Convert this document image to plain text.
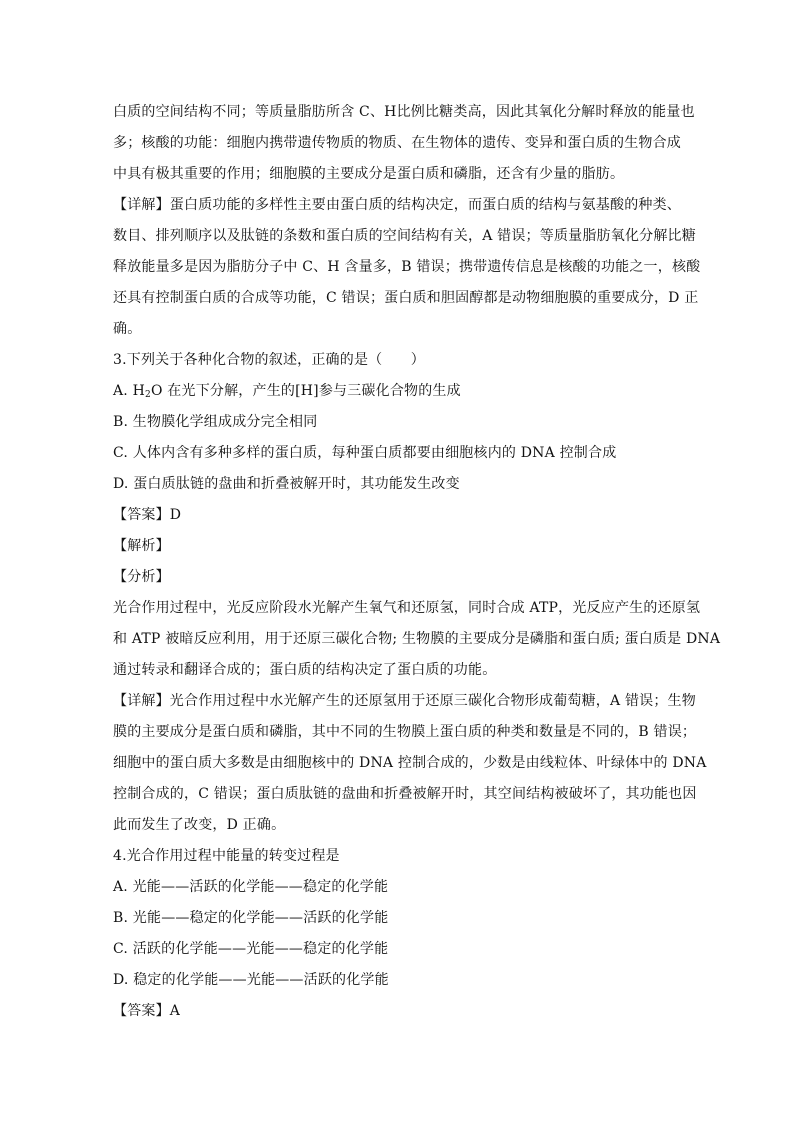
白质的空间结构不同；等质量脂肪所含 C、H比例比糖类高，因此其氧化分解时释放的能量也
多；核酸的功能：细胞内携带遗传物质的物质、在生物体的遗传、变异和蛋白质的生物合成
中具有极其重要的作用；细胞膜的主要成分是蛋白质和磷脂，还含有少量的脂肪。
【详解】蛋白质功能的多样性主要由蛋白质的结构决定，而蛋白质的结构与氨基酸的种类、
数目、排列顺序以及肽链的条数和蛋白质的空间结构有关，A 错误；等质量脂肪氧化分解比糖
释放能量多是因为脂肪分子中 C、H 含量多，B 错误；携带遗传信息是核酸的功能之一，核酸
还具有控制蛋白质的合成等功能，C 错误；蛋白质和胆固醇都是动物细胞膜的重要成分，D 正
确。
3.下列关于各种化合物的叙述，正确的是（　　）
A. $H_2O$ 在光下分解，产生的[H]参与三碳化合物的生成
B. 生物膜化学组成成分完全相同
C. 人体内含有多种多样的蛋白质，每种蛋白质都要由细胞核内的 DNA 控制合成
D. 蛋白质肽链的盘曲和折叠被解开时，其功能发生改变
【答案】D
【解析】
【分析】
光合作用过程中，光反应阶段水光解产生氧气和还原氢，同时合成 ATP，光反应产生的还原氢
和 ATP 被暗反应利用，用于还原三碳化合物; 生物膜的主要成分是磷脂和蛋白质; 蛋白质是 DNA
通过转录和翻译合成的；蛋白质的结构决定了蛋白质的功能。
【详解】光合作用过程中水光解产生的还原氢用于还原三碳化合物形成葡萄糖，A 错误；生物
膜的主要成分是蛋白质和磷脂，其中不同的生物膜上蛋白质的种类和数量是不同的，B 错误；
细胞中的蛋白质大多数是由细胞核中的 DNA 控制合成的，少数是由线粒体、叶绿体中的 DNA
控制合成的，C 错误；蛋白质肽链的盘曲和折叠被解开时，其空间结构被破坏了，其功能也因
此而发生了改变，D 正确。
4.光合作用过程中能量的转变过程是
A. 光能——活跃的化学能——稳定的化学能
B. 光能——稳定的化学能——活跃的化学能
C. 活跃的化学能——光能——稳定的化学能
D. 稳定的化学能——光能——活跃的化学能
【答案】A
